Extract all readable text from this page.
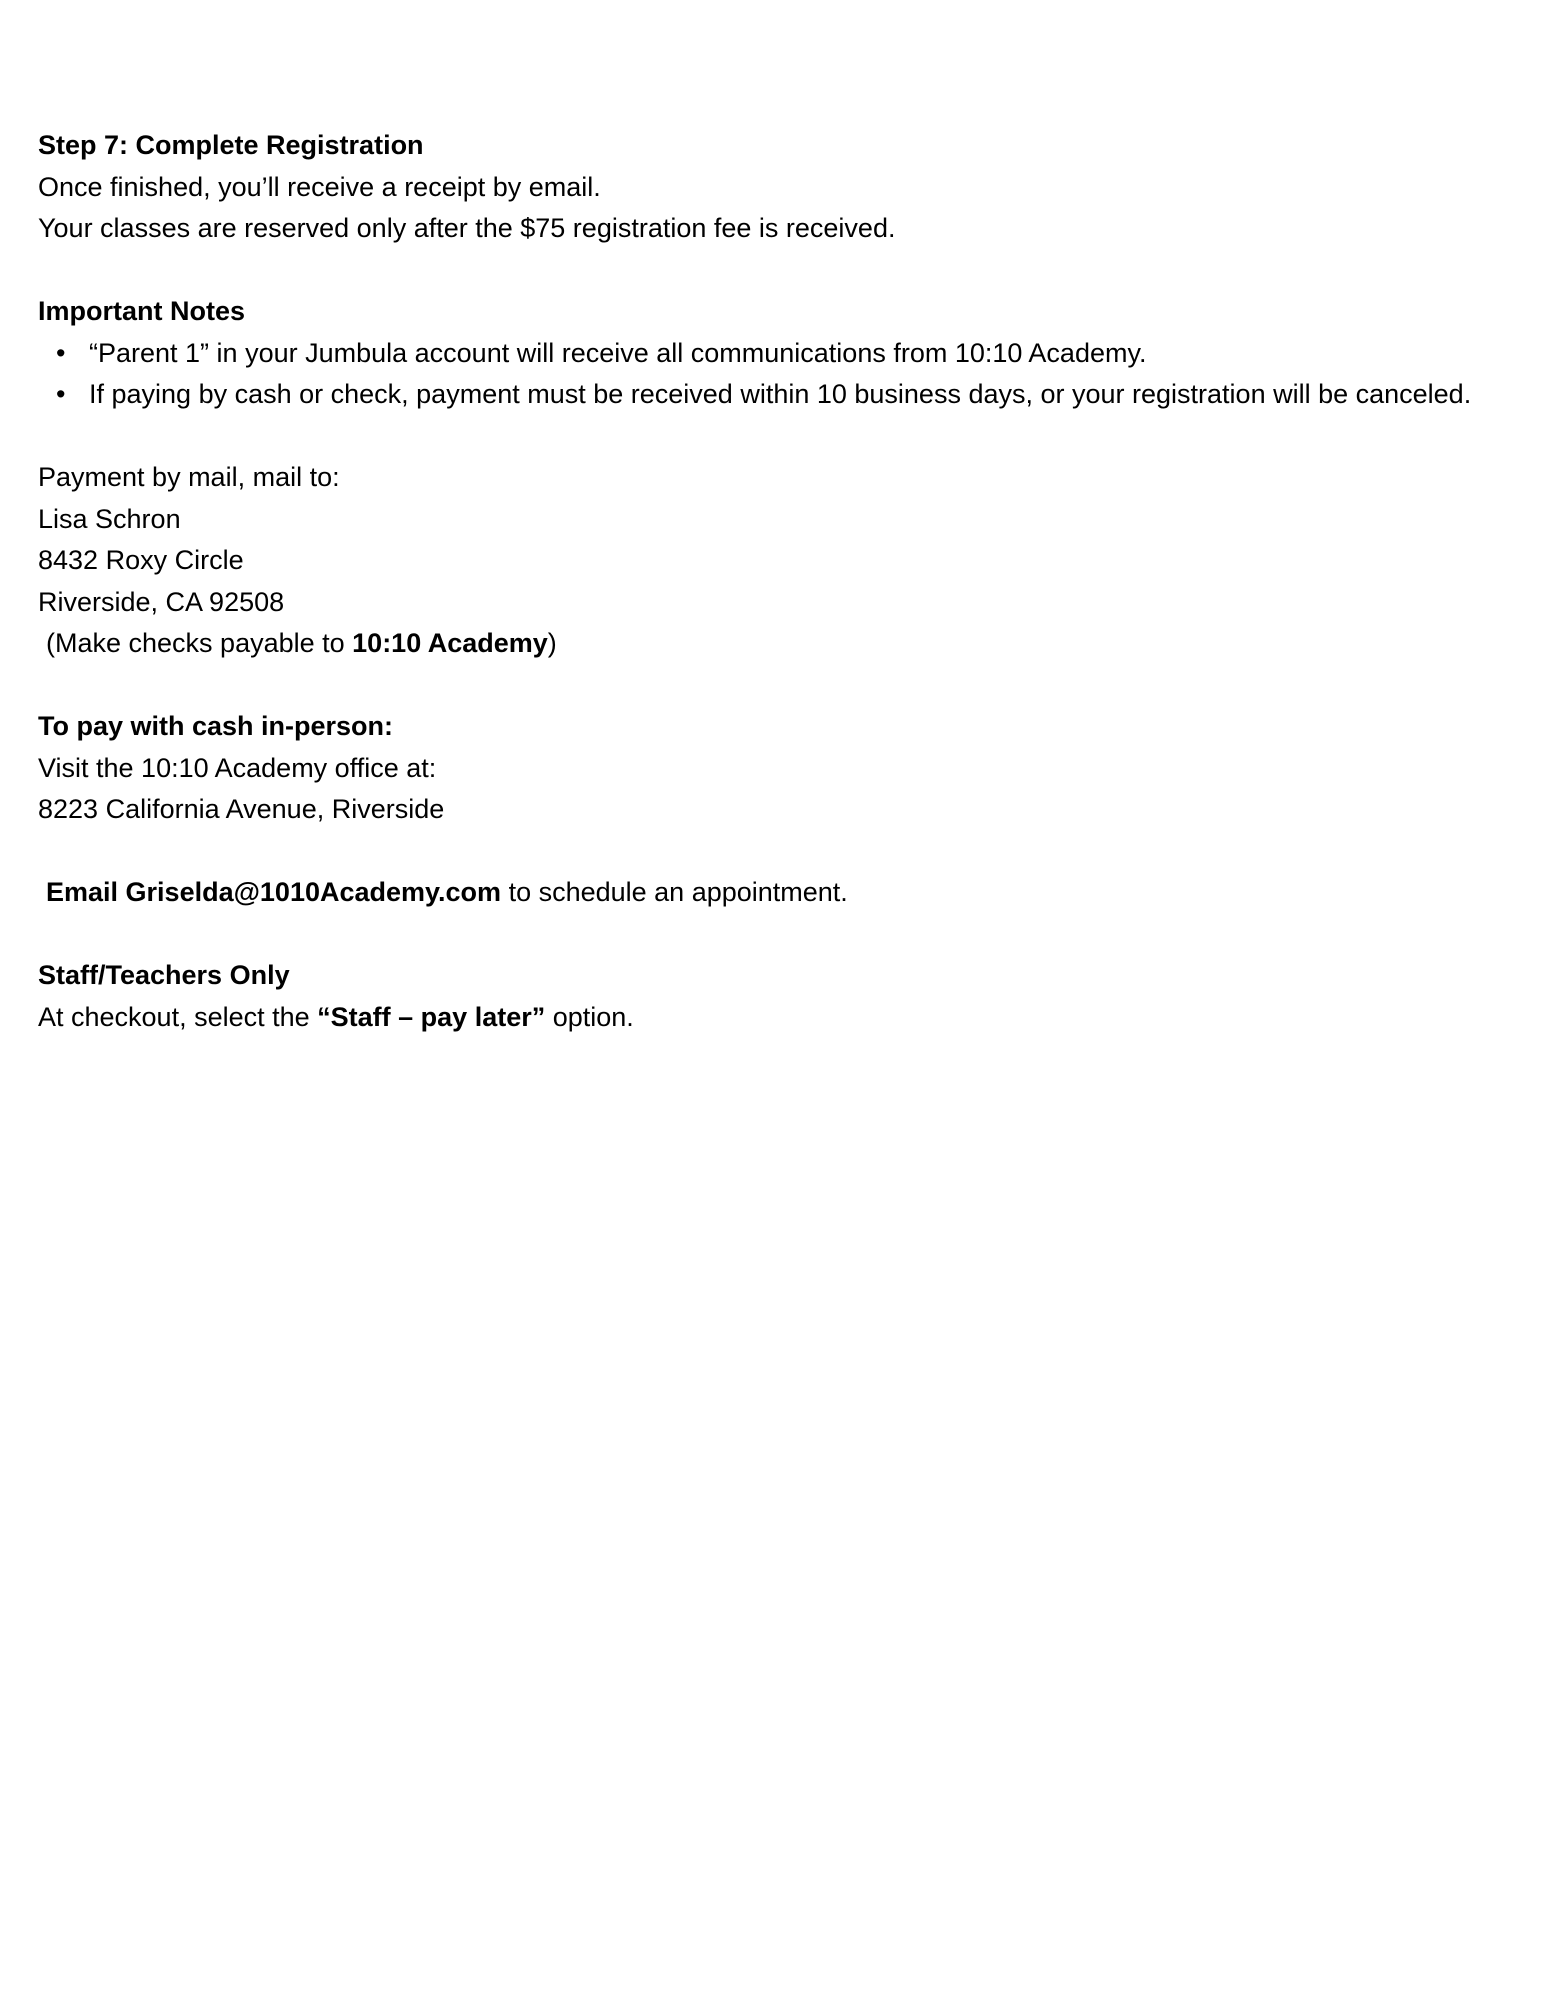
Step 7: Complete Registration
Once finished, you’ll receive a receipt by email.
Your classes are reserved only after the $75 registration fee is received.
Important Notes
• “Parent 1” in your Jumbula account will receive all communications from 10:10 Academy.
• If paying by cash or check, payment must be received within 10 business days, or your registration will be canceled.
Payment by mail, mail to:
Lisa Schron
8432 Roxy Circle
Riverside, CA 92508
(Make checks payable to 10:10 Academy)
To pay with cash in-person:
Visit the 10:10 Academy office at:
8223 California Avenue, Riverside
Email Griselda@1010Academy.com to schedule an appointment.
Staff/Teachers Only
At checkout, select the “Staff – pay later” option.
